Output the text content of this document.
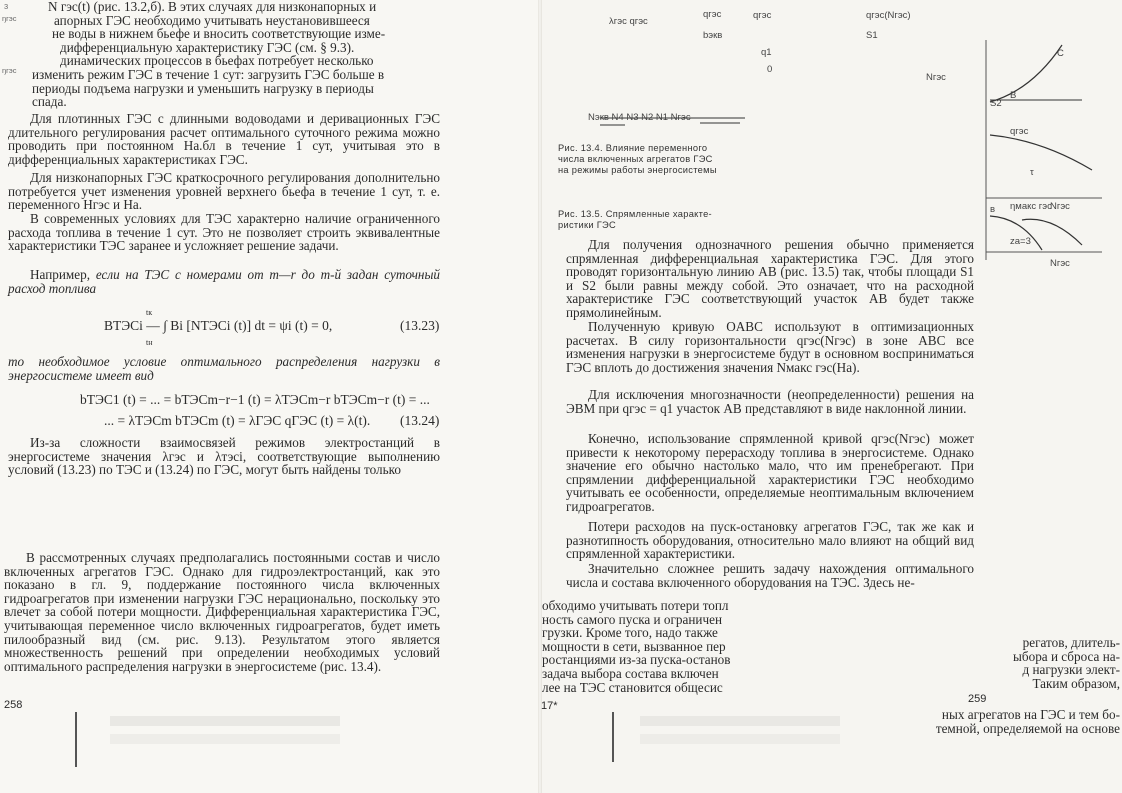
3
ŋгэс
ŋгэс
N гэс(t) (рис. 13.2,б). В этих случаях для низконапорных и
апорных ГЭС необходимо учитывать неустановившееся
не воды в нижнем бьефе и вносить соответствующие изме-
дифференциальную характеристику ГЭС (см. § 9.3).
динамических процессов в бьефах потребует несколько
изменить режим ГЭС в течение 1 сут: загрузить ГЭС больше в
периоды подъема нагрузки и уменьшить нагрузку в периоды
спада.

Для плотинных ГЭС с длинными водоводами и деривационных ГЭС длительного регулирования расчет оптимального суточного режима можно проводить при постоянном Hа.бл в течение 1 сут, учитывая это в дифференциальных характеристиках ГЭС.

Для низконапорных ГЭС краткосрочного регулирования дополнительно потребуется учет изменения уровней верхнего бьефа в течение 1 сут, т. е. переменного Hгэс и Hа.

В современных условиях для ТЭС характерно наличие ограниченного расхода топлива в течение 1 сут. Это не позволяет строить эквивалентные характеристики ТЭС заранее и усложняет решение задачи.

Например, если на ТЭС с номерами от m—r до m-й задан суточный расход топлива

BТЭСi — ∫ Bi [NТЭСi (t)] dt = ψi (t) = 0,
tк
tн
(13.23)

то необходимое условие оптимального распределения нагрузки в энергосистеме имеет вид

bТЭС1 (t) = ... = bТЭСm−r−1 (t) = λТЭСm−r bТЭСm−r (t) = ...
... = λТЭСm bТЭСm (t) = λГЭС qГЭС (t) = λ(t). (13.24)

Из-за сложности взаимосвязей режимов электростанций в энергосистеме значения λгэс и λтэсi, соответствующие выполнению условий (13.23) по ТЭС и (13.24) по ГЭС, могут быть найдены только

В рассмотренных случаях предполагались постоянными состав и число включенных агрегатов ГЭС. Однако для гидроэлектростанций, как это показано в гл. 9, поддержание постоянного числа включенных гидроагрегатов при изменении нагрузки ГЭС нерационально, поскольку это влечет за собой потери мощности. Дифференциальная характеристика ГЭС, учитывающая переменное число включенных гидроагрегатов, будет иметь пилообразный вид (см. рис. 9.13). Результатом этого является множественность решений при определении необходимых условий оптимального распределения нагрузки в энергосистеме (рис. 13.4).

258
λгэс qгэс
qгэс	qгэс	qгэс(Nгэс)
bэкв	S1
q1
0
Nгэс
Nэкв N4 N3 N2 N1 Nгэс
Рис. 13.4. Влияние переменного
числа включенных агрегатов ГЭС
на режимы работы энергосистемы
Рис. 13.5. Спрямленные характе-
ристики ГЭС
C
S2
B
qгэс
τ
в ηмакс гэс
Nгэс
zа=3
Nгэс

Для получения однозначного решения обычно применяется спрямленная дифференциальная характеристика ГЭС. Для этого проводят горизонтальную линию AB (рис. 13.5) так, чтобы площади S1 и S2 были равны между собой. Это означает, что на расходной характеристике ГЭС соответствующий участок AB будет также прямолинейным.

Полученную кривую OABC используют в оптимизационных расчетах. В силу горизонтальности qгэс(Nгэс) в зоне ABC все изменения нагрузки в энергосистеме будут в основном восприниматься ГЭС вплоть до достижения значения Nмакс гэс(Hа).

Для исключения многозначности (неопределенности) решения на ЭВМ при qгэс = q1 участок AB представляют в виде наклонной линии.

Конечно, использование спрямленной кривой qгэс(Nгэс) может привести к некоторому перерасходу топлива в энергосистеме. Однако значение его обычно настолько мало, что им пренебрегают. При спрямлении дифференциальной характеристики ГЭС необходимо учитывать ее особенности, определяемые неоптимальным включением гидроагрегатов.

Потери расходов на пуск-остановку агрегатов ГЭС, так же как и разнотипность оборудования, относительно мало влияют на общий вид спрямленной характеристики.

Значительно сложнее решить задачу нахождения оптимального числа и состава включенного оборудования на ТЭС. Здесь не-

обходимо учитывать потери топл
ность самого пуска и ограничен
грузки. Кроме того, надо также
мощности в сети, вызванное пер
ростанциями из-за пуска-останов
задача выбора состава включен
лее на ТЭС становится общесис
регатов, длитель-
ыбора и сброса на-
д нагрузки элект-
Таким образом,
ных агрегатов на ГЭС и тем бо-
темной, определяемой на основе
259
17*
